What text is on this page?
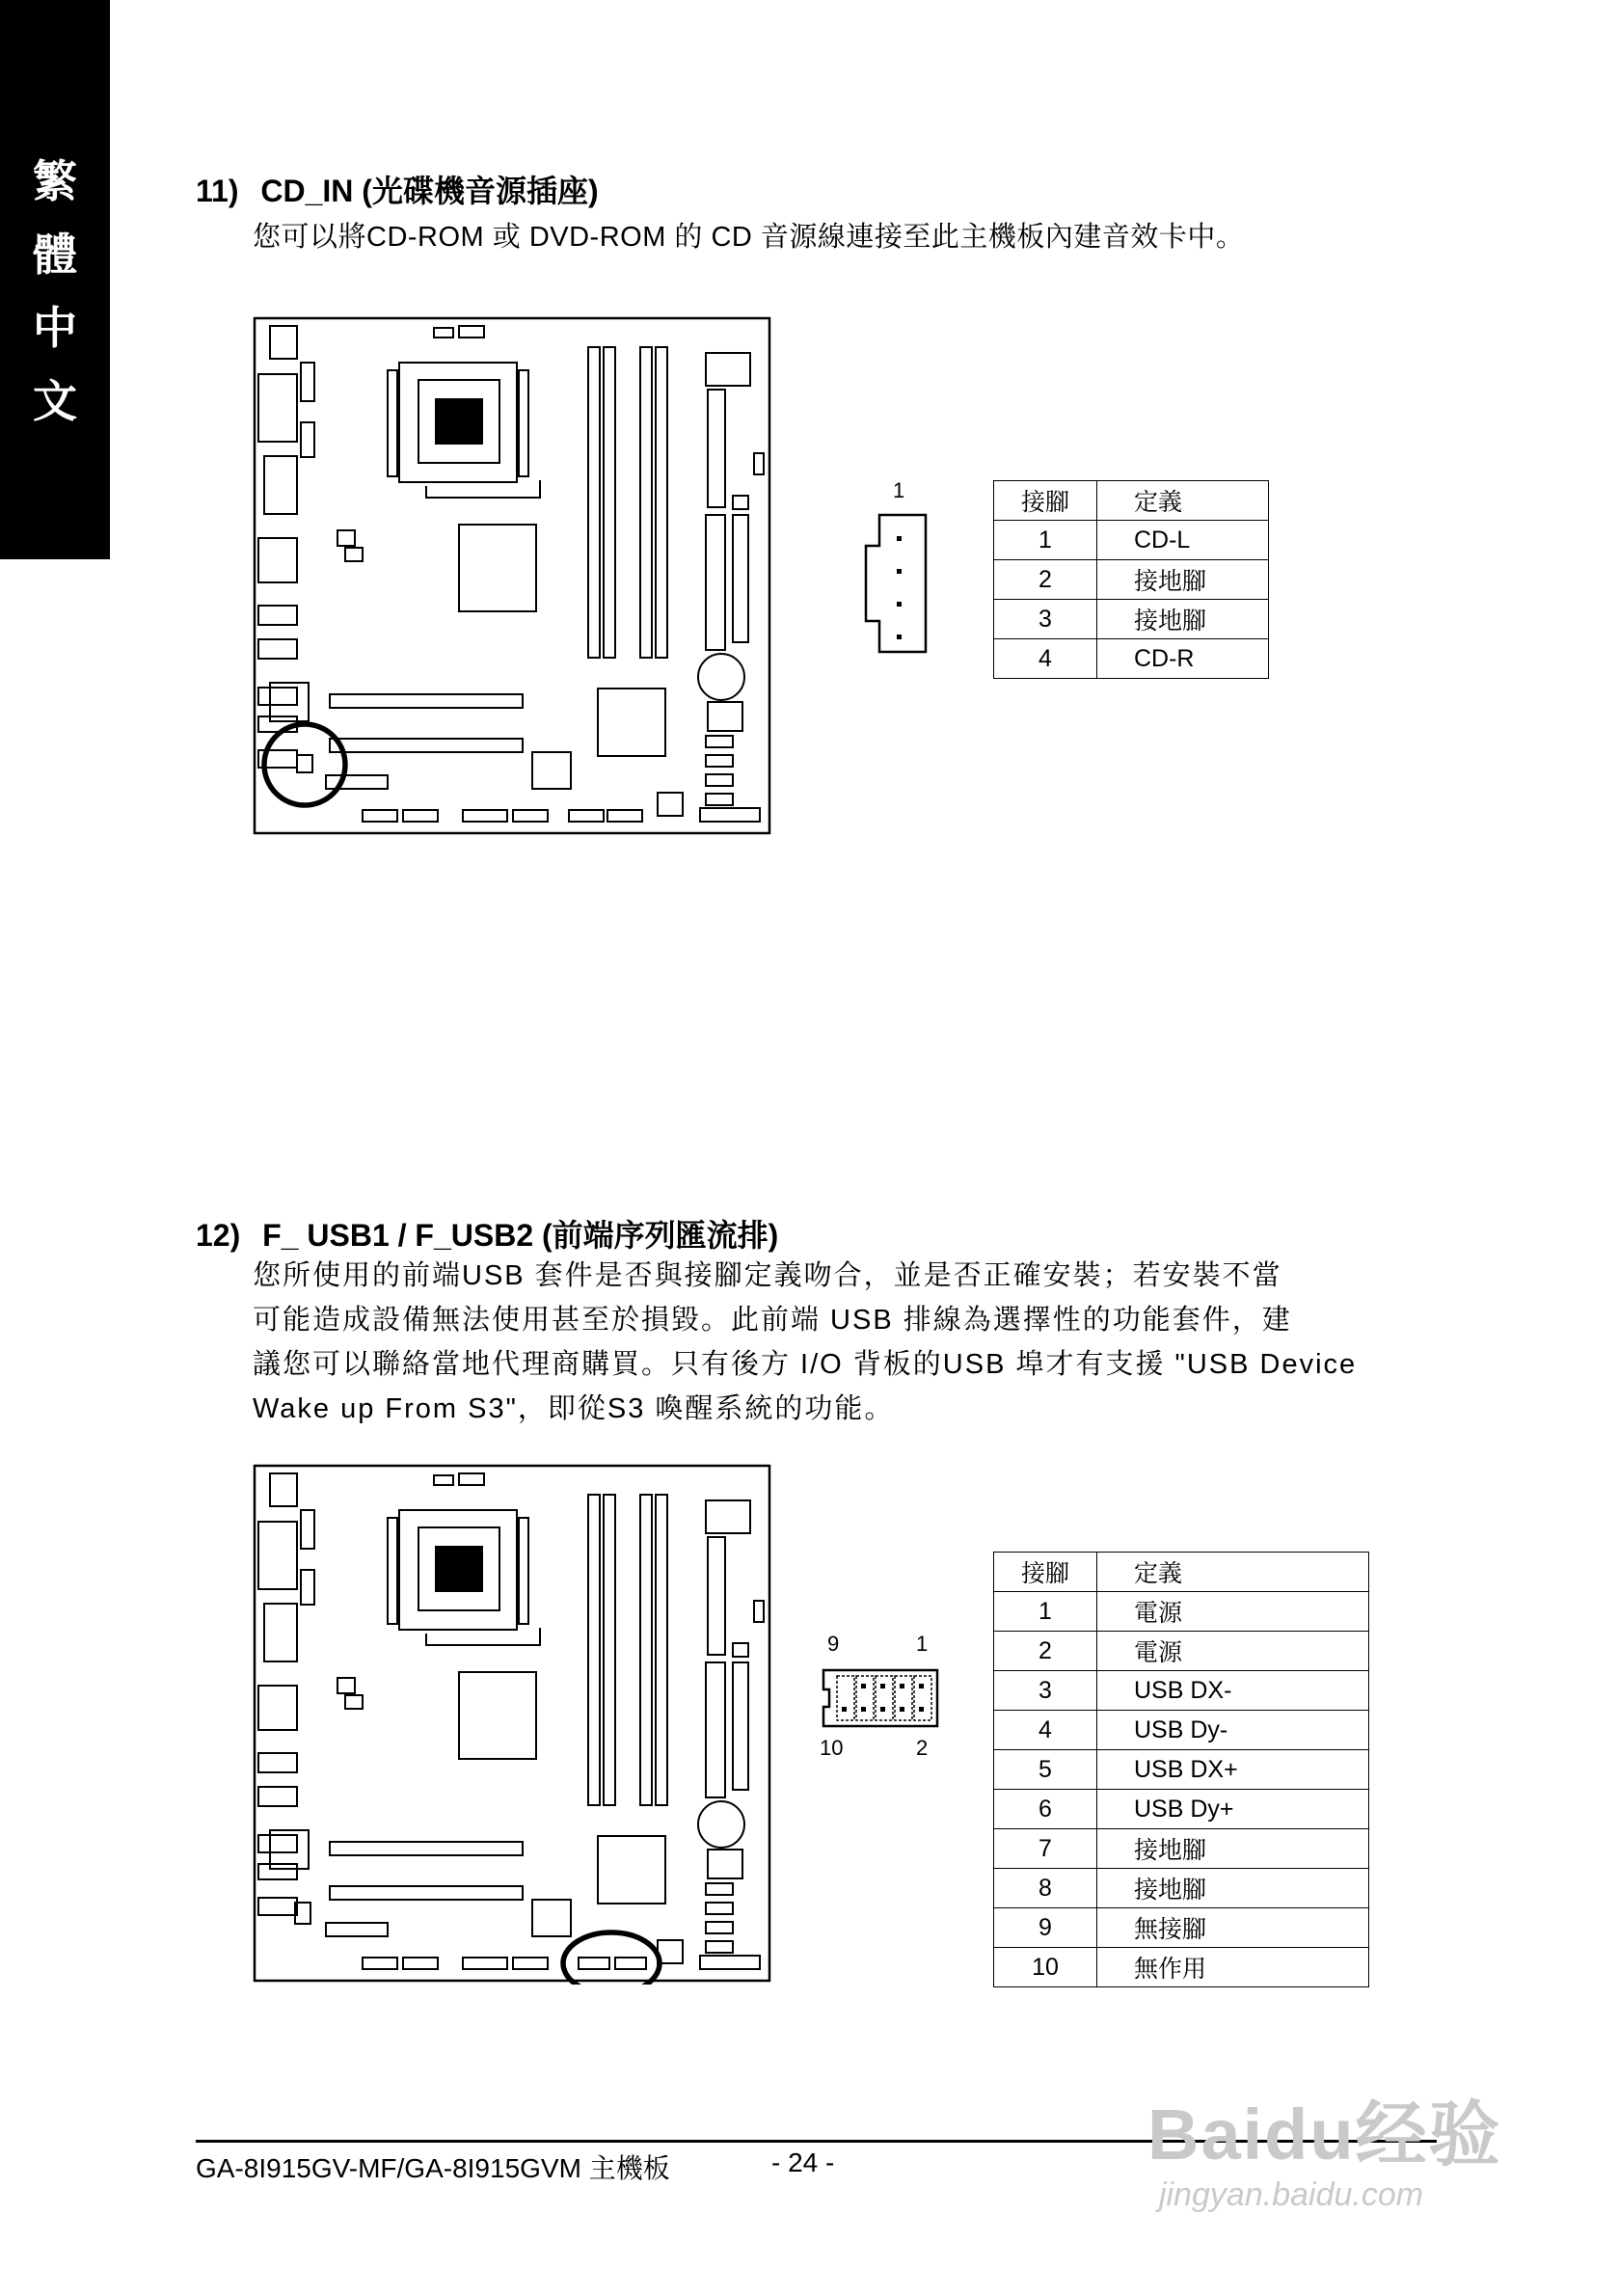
繁
體
中
文
11) CD_IN (光碟機音源插座)
您可以將CD-ROM 或 DVD-ROM 的 CD 音源線連接至此主機板內建音效卡中。
1	接腳	定義
1	CD-L
2	接地腳
3	接地腳
4	CD-R
12) F_ USB1 / F_USB2 (前端序列匯流排)
您所使用的前端USB 套件是否與接腳定義吻合，並是否正確安裝；若安裝不當
可能造成設備無法使用甚至於損毀。此前端 USB 排線為選擇性的功能套件，建
議您可以聯絡當地代理商購買。只有後方 I/O 背板的USB 埠才有支援 "USB Device
Wake up From S3"，即從S3 喚醒系統的功能。
9	1
10	2
接腳	定義
1	電源
2	電源
3	USB DX-
4	USB Dy-
5	USB DX+
6	USB Dy+
7	接地腳
8	接地腳
9	無接腳
10	無作用
GA-8I915GV-MF/GA-8I915GVM 主機板	- 24 -	Baidu经验
jingyan.baidu.com
